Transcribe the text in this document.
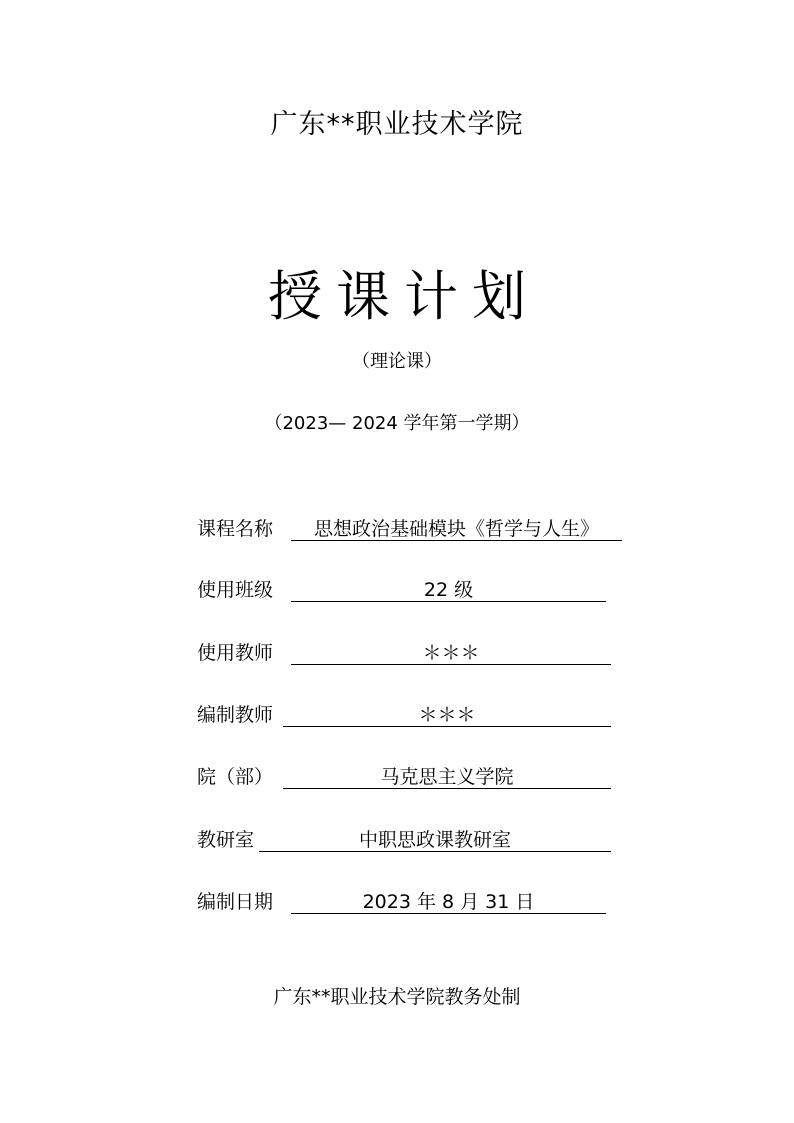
广东**职业技术学院
授课计划
（理论课）
（2023— 2024 学年第一学期）
课程名称	思想政治基础模块《哲学与人生》
使用班级	22 级
使用教师	＊＊＊
编制教师	＊＊＊
院（部）	马克思主义学院
教研室	中职思政课教研室
编制日期	2023 年 8 月 31 日
广东**职业技术学院教务处制
